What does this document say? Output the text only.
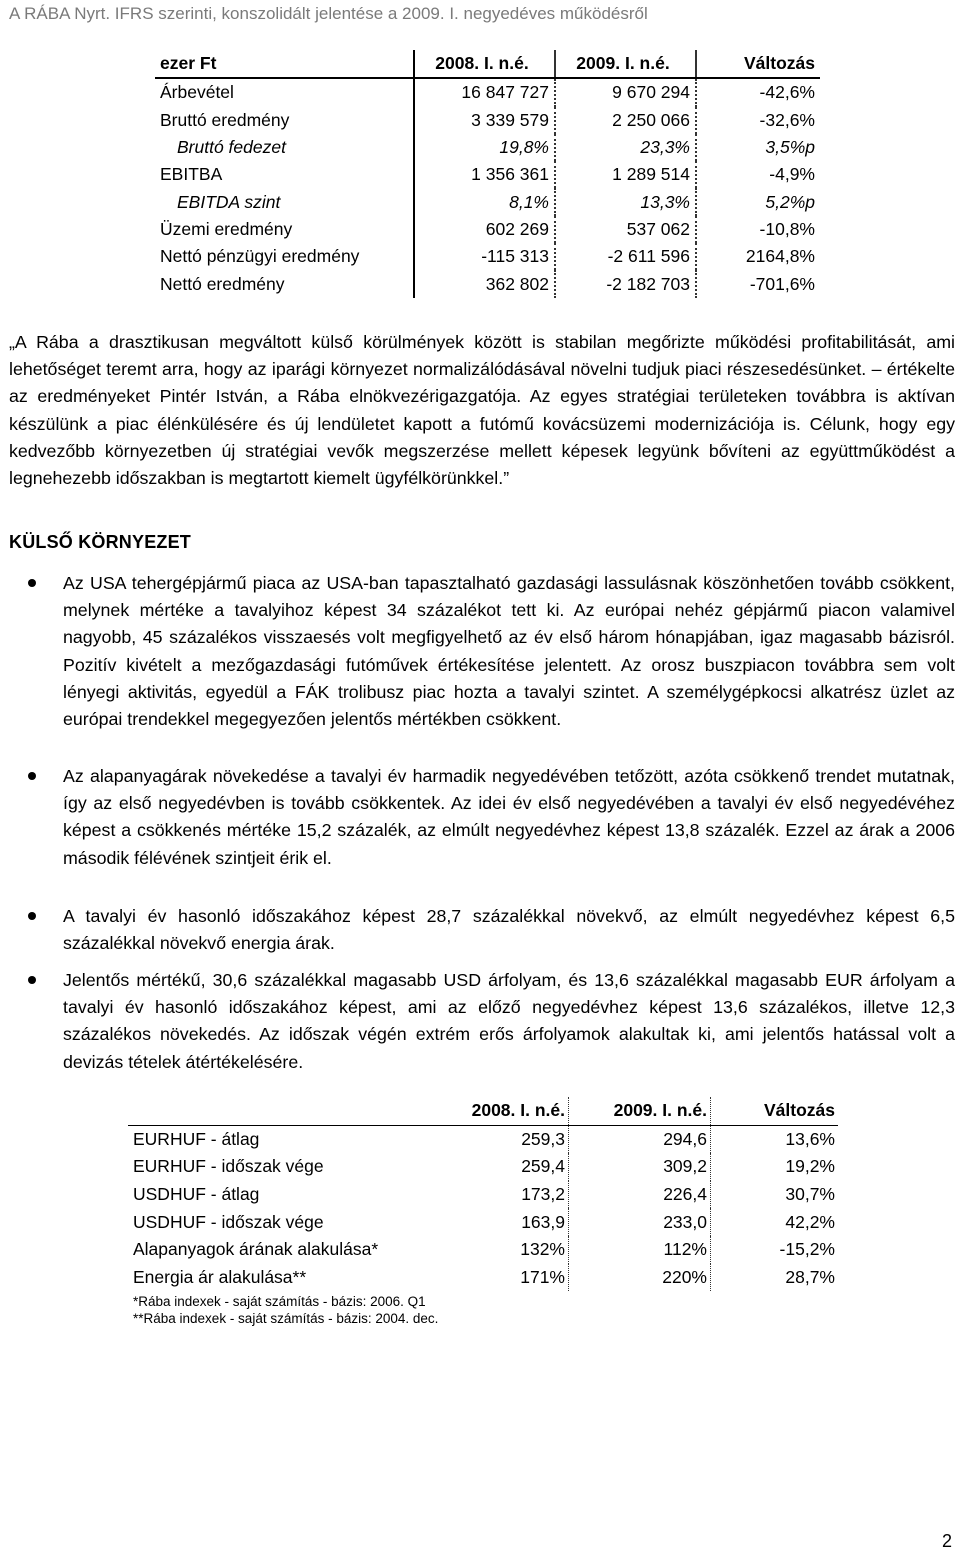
A RÁBA Nyrt. IFRS szerinti, konszolidált jelentése a 2009. I. negyedéves működésről
ezer Ft	2008. I. n.é.	2009. I. n.é.	Változás
Árbevétel	16 847 727	9 670 294	-42,6%
Bruttó eredmény	3 339 579	2 250 066	-32,6%
Bruttó fedezet	19,8%	23,3%	3,5%p
EBITBA	1 356 361	1 289 514	-4,9%
EBITDA szint	8,1%	13,3%	5,2%p
Üzemi eredmény	602 269	537 062	-10,8%
Nettó pénzügyi eredmény	-115 313	-2 611 596	2164,8%
Nettó eredmény	362 802	-2 182 703	-701,6%

„A Rába a drasztikusan megváltott külső körülmények között is stabilan megőrizte működési profitabilitását, ami lehetőséget teremt arra, hogy az iparági környezet normalizálódásával növelni tudjuk piaci részesedésünket. – értékelte az eredményeket Pintér István, a Rába elnökvezérigazgatója. Az egyes stratégiai területeken továbbra is aktívan készülünk a piac élénkülésére és új lendületet kapott a futómű kovácsüzemi modernizációja is. Célunk, hogy egy kedvezőbb környezetben új stratégiai vevők megszerzése mellett képesek legyünk bővíteni az együttműködést a legnehezebb időszakban is megtartott kiemelt ügyfélkörünkkel.”

KÜLSŐ KÖRNYEZET
Az USA tehergépjármű piaca az USA-ban tapasztalható gazdasági lassulásnak köszönhetően tovább csökkent, melynek mértéke a tavalyihoz képest 34 százalékot tett ki. Az európai nehéz gépjármű piacon valamivel nagyobb, 45 százalékos visszaesés volt megfigyelhető az év első három hónapjában, igaz magasabb bázisról. Pozitív kivételt a mezőgazdasági futóművek értékesítése jelentett. Az orosz buszpiacon továbbra sem volt lényegi aktivitás, egyedül a FÁK trolibusz piac hozta a tavalyi szintet. A személygépkocsi alkatrész üzlet az európai trendekkel megegyezően jelentős mértékben csökkent.
Az alapanyagárak növekedése a tavalyi év harmadik negyedévében tetőzött, azóta csökkenő trendet mutatnak, így az első negyedévben is tovább csökkentek. Az idei év első negyedévében a tavalyi év első negyedévéhez képest a csökkenés mértéke 15,2 százalék, az elmúlt negyedévhez képest 13,8 százalék. Ezzel az árak a 2006 második félévének szintjeit érik el.
A tavalyi év hasonló időszakához képest 28,7 százalékkal növekvő, az elmúlt negyedévhez képest 6,5 százalékkal növekvő energia árak.
Jelentős mértékű, 30,6 százalékkal magasabb USD árfolyam, és 13,6 százalékkal magasabb EUR árfolyam a tavalyi év hasonló időszakához képest, ami az előző negyedévhez képest 13,6 százalékos, illetve 12,3 százalékos növekedés. Az időszak végén extrém erős árfolyamok alakultak ki, ami jelentős hatással volt a devizás tételek átértékelésére.
	2008. I. n.é.	2009. I. n.é.	Változás
EURHUF - átlag	259,3	294,6	13,6%
EURHUF - időszak vége	259,4	309,2	19,2%
USDHUF - átlag	173,2	226,4	30,7%
USDHUF - időszak vége	163,9	233,0	42,2%
Alapanyagok árának alakulása*	132%	112%	-15,2%
Energia ár alakulása**	171%	220%	28,7%
*Rába indexek - saját számítás - bázis: 2006. Q1
**Rába indexek - saját számítás - bázis: 2004. dec.
2
